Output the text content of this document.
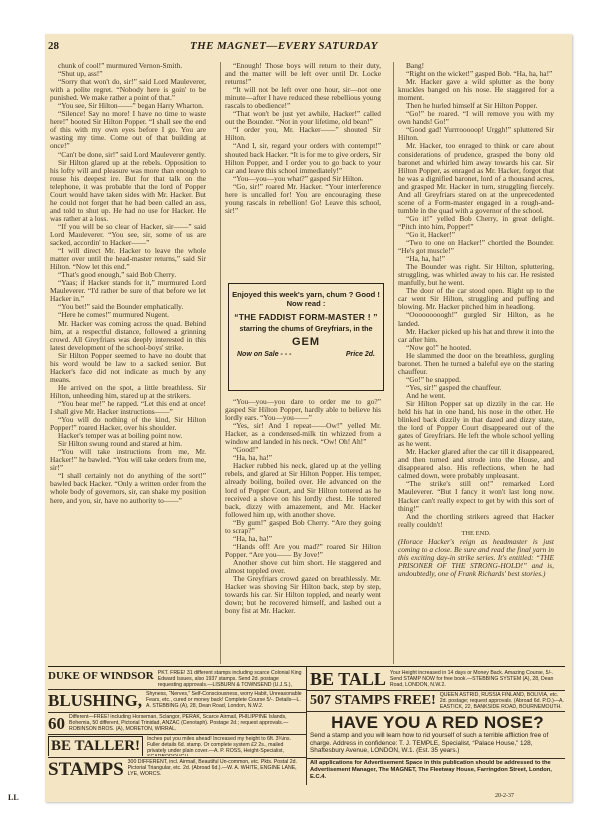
28	THE MAGNET—EVERY SATURDAY

chunk of cool!” murmured Vernon-Smith.

“Shut up, ass!”

“Sorry that won't do, sir!” said Lord Mauleverer, with a polite regret. “Nobody here is goin' to be punished. We make rather a point of that.”

“You see, Sir Hilton——” began Harry Wharton.

“Silence! Say no more! I have no time to waste here!” hooted Sir Hilton Popper. “I shall see the end of this with my own eyes before I go. You are wasting my time. Come out of that building at once!”

“Can't be done, sir!” said Lord Mauleverer gently.

Sir Hilton glared up at the rebels. Opposition to his lofty will and pleasure was more than enough to rouse his deepest ire. But for that talk on the telephone, it was probable that the lord of Popper Court would have taken sides with Mr. Hacker. But he could not forget that he had been called an ass, and told to shut up. He had no use for Hacker. He was rather at a loss.

“If you will be so clear of Hacker, sir——” said Lord Mauleverer. “You see, sir, some of us are sacked, accordin' to Hacker——”

“I will direct Mr. Hacker to leave the whole matter over until the head-master returns,” said Sir Hilton. “Now let this end.”

“That's good enough,” said Bob Cherry.

“Yaas; if Hacker stands for it,” murmured Lord Mauleverer. “I'd rather be sure of that before we let Hacker in.”

“You bet!” said the Bounder emphatically.

“Here he comes!” murmured Nugent.

Mr. Hacker was coming across the quad. Behind him, at a respectful distance, followed a grinning crowd. All Greyfriars was deeply interested in this latest development of the school-boys' strike.

Sir Hilton Popper seemed to have no doubt that his word would be law to a sacked senior. But Hacker's face did not indicate as much by any means.

He arrived on the spot, a little breathless. Sir Hilton, unheeding him, stared up at the strikers.

“You hear me!” he rapped. “Let this end at once! I shall give Mr. Hacker instructions——”

“You will do nothing of the kind, Sir Hilton Popper!” roared Hacker, over his shoulder.

Hacker's temper was at boiling point now.

Sir Hilton swung round and stared at him.

“You will take instructions from me, Mr. Hacker!” he bawled. “You will take orders from me, sir!”

“I shall certainly not do anything of the sort!” bawled back Hacker. “Only a written order from the whole body of governors, sir, can shake my position here, and you, sir, have no authority to——”

“Enough! Those boys will return to their duty, and the matter will be left over until Dr. Locke returns!”

“It will not be left over one hour, sir—not one minute—after I have reduced these rebellious young rascals to obedience!”

“That won't be just yet awhile, Hacker!” called out the Bounder. “Not in your lifetime, old bean!”

“I order you, Mr. Hacker——” shouted Sir Hilton.

“And I, sir, regard your orders with contempt!” shouted back Hacker. “It is for me to give orders, Sir Hilton Popper, and I order you to go back to your car and leave this school immediately!”

“You—you—you what?” gasped Sir Hilton.

“Go, sir!” roared Mr. Hacker. “Your interference here is uncalled for! You are encouraging these young rascals in rebellion! Go! Leave this school, sir!”

“You—you—you dare to order me to go?” gasped Sir Hilton Popper, hardly able to believe his lordly ears. “You—you——”

“Yes, sir! And I repeat——Ow!” yelled Mr. Hacker, as a condensed-milk tin whizzed from a window and landed in his neck. “Ow! Oh! Ah!”

“Good!”

“Ha, ha, ha!”

Hacker rubbed his neck, glared up at the yelling rebels, and glared at Sir Hilton Popper. His temper, already boiling, boiled over. He advanced on the lord of Popper Court, and Sir Hilton tottered as he received a shove on his lordly chest. He tottered back, dizzy with amazement, and Mr. Hacker followed him up, with another shove.

“By gum!” gasped Bob Cherry. “Are they going to scrap?”

“Ha, ha, ha!”

“Hands off! Are you mad?” roared Sir Hilton Popper. “Are you—— By Jove!”

Another shove cut him short. He staggered and almost toppled over.

The Greyfriars crowd gazed on breathlessly. Mr. Hacker was shoving Sir Hilton back, step by step, towards his car. Sir Hilton toppled, and nearly went down; but he recovered himself, and lashed out a bony fist at Mr. Hacker.

Enjoyed this week's yarn, chum ? Good ! Now read :
“THE FADDIST FORM-MASTER ! ”
starring the chums of Greyfriars, in the
GEM
Now on Sale - - -	Price 2d.

Bang!

“Right on the wicket!” gasped Bob. “Ha, ha, ha!”

Mr. Hacker gave a wild splutter as the bony knuckles banged on his nose. He staggered for a moment.

Then he hurled himself at Sir Hilton Popper.

“Go!” he roared. “I will remove you with my own hands! Go!”

“Good gad! Yurrrooooop! Urggh!” spluttered Sir Hilton.

Mr. Hacker, too enraged to think or care about considerations of prudence, grasped the bony old baronet and whirled him away towards his car. Sir Hilton Popper, as enraged as Mr. Hacker, forgot that he was a dignified baronet, lord of a thousand acres, and grasped Mr. Hacker in turn, struggling fiercely. And all Greyfriars stared on at the unprecedented scene of a Form-master engaged in a rough-and-tumble in the quad with a governor of the school.

“Go it!” yelled Bob Cherry, in great delight. “Pitch into him, Popper!”

“Go it, Hacker!”

“Two to one on Hacker!” chortled the Bounder. “He's got muscle!”

“Ha, ha, ha!”

The Bounder was right. Sir Hilton, spluttering, struggling, was whirled away to his car. He resisted manfully, but he went.

The door of the car stood open. Right up to the car went Sir Hilton, struggling and puffing and blowing. Mr. Hacker pitched him in headlong.

“Ooooooooogh!” gurgled Sir Hilton, as he landed.

Mr. Hacker picked up his hat and threw it into the car after him.

“Now go!” he hooted.

He slammed the door on the breathless, gurgling baronet. Then he turned a baleful eye on the staring chauffeur.

“Go!” he snapped.

“Yes, sir!” gasped the chauffeur.

And he went.

Sir Hilton Popper sat up dizzily in the car. He held his hat in one hand, his nose in the other. He blinked back dizzily in that dazed and dizzy state, the lord of Popper Court disappeared out of the gates of Greyfriars. He left the whole school yelling as he went.

Mr. Hacker glared after the car till it disappeared, and then turned and strode into the House, and disappeared also. His reflections, when he had calmed down, were probably unpleasant.

“The strike's still on!” remarked Lord Mauleverer. “But I fancy it won't last long now. Hacker can't really expect to get by with this sort of thing!”

And the chortling strikers agreed that Hacker really couldn't!

THE END.

(Horace Hacker's reign as headmaster is just coming to a close. Be sure and read the final yarn in this exciting day-in strike series. It's entitled: “THE PRISONER OF THE STRONG-HOLD!” and is, undoubtedly, one of Frank Richards' best stories.)

DUKE OF WINDSOR PKT. FREE! 31 different stamps including scarce Colonial King Edward Issues, also 1937 stamps. Send 2d. postage requesting approvals.—LISBURN & TOWNSEND (U.J.S.),
BLUSHING, Shyness, “Nerves,” Self-Consciousness, worry Habit, Unreasonable Fears, etc., cured or money back! Complete Course 5/-. Details—L. A. STEBBING (A), 28, Dean Road, London, N.W.2.
60 Different—FREE! including Horseman, Sclangor, PERAK, Scarce Airmail, PHILIPPINE Islands, Bohemia, 50 different, Pictorial Trinidad, ANZAC (Cenotaph). Postage 2d.; request approvals.—ROBINSON BROS. (A), MORETON, WIRRAL.
BE TALLER!	Inches put you miles ahead! Increased my height to 6ft. 3¾ins. Fuller details 6d. stamp. Or complete system £2 2s., mailed privately under plain cover.—A. P. ROSS, Height-Specialist,
STAMPS 300 DIFFERENT, incl. Airmail, Beautiful Un-common, etc. Pkts. Postal 2d. Pictorial Triangular, etc. 2d. (Abroad 6d.).—W. A. WHITE, ENGINE LANE, LYE, WORCS.
BE TALL Your Height increased in 14 days or Money Back. Amazing Course, 5/-. Send STAMP NOW for free book.—STEBBING SYSTEM (A), 28, Dean Road, LONDON, N.W.2.
507 STAMPS FREE! QUEEN ASTRID, RUSSIA FINLAND, BOLIVIA, etc. 2d. postage; request approvals. (Abroad 6d. P.O.)—A. EASTICK, 22, BANKSIDE ROAD, BOURNEMOUTH.
HAVE YOU A RED NOSE?
Send a stamp and you will learn how to rid yourself of such a terrible affliction free of charge. Address in confidence: T. J. TEMPLE, Specialist, “Palace House,” 128, Shaftesbury Avenue, LONDON, W.1. (Est. 35 years.)
All applications for Advertisement Space in this publication should be addressed to the Advertisement Manager, The MAGNET, The Fleetway House, Farringdon Street, London, E.C.4.
LL	20-2-37
